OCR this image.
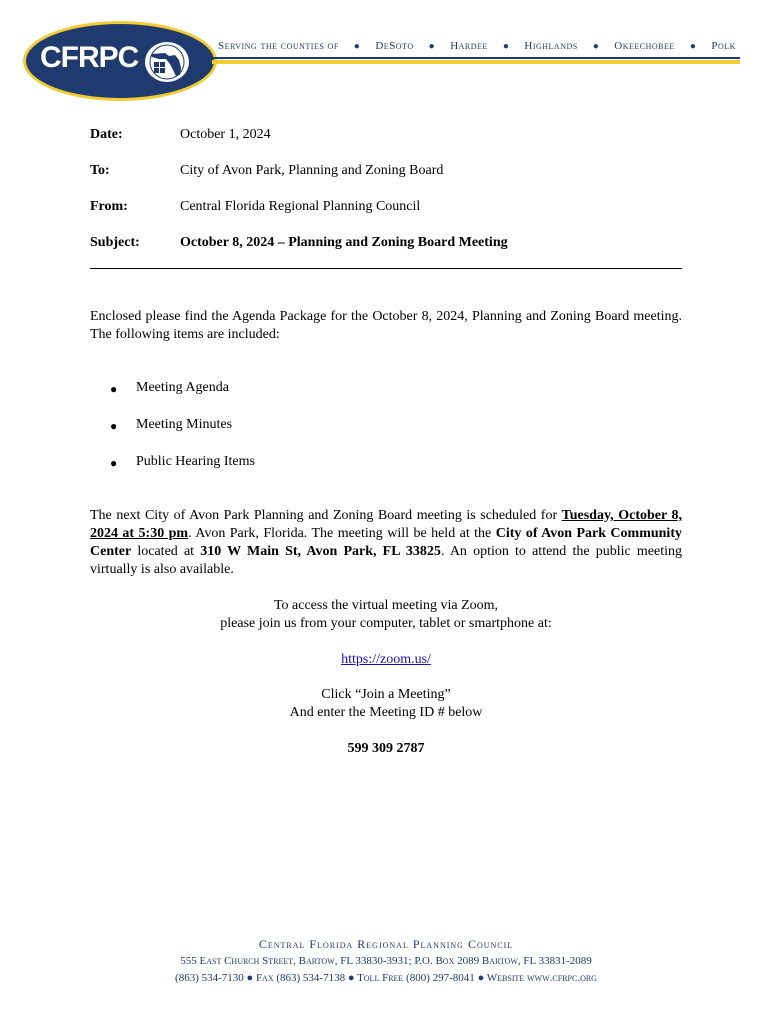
CFRPC	Serving the counties of ● DeSoto ● Hardee ● Highlands ● Okeechobee ● Polk
Date:	October 1, 2024
To:	City of Avon Park, Planning and Zoning Board
From:	Central Florida Regional Planning Council
Subject:	October 8, 2024 – Planning and Zoning Board Meeting

Enclosed please find the Agenda Package for the October 8, 2024, Planning and Zoning Board meeting. The following items are included:

●	Meeting Agenda
●	Meeting Minutes
●	Public Hearing Items

The next City of Avon Park Planning and Zoning Board meeting is scheduled for Tuesday, October 8, 2024 at 5:30 pm. Avon Park, Florida. The meeting will be held at the City of Avon Park Community Center located at 310 W Main St, Avon Park, FL 33825. An option to attend the public meeting virtually is also available.

To access the virtual meeting via Zoom,
please join us from your computer, tablet or smartphone at:
https://zoom.us/
Click “Join a Meeting”
And enter the Meeting ID # below
599 309 2787
Central Florida Regional Planning Council
555 East Church Street, Bartow, FL 33830-3931; P.O. Box 2089 Bartow, FL 33831-2089
(863) 534-7130 ● Fax (863) 534-7138 ● Toll Free (800) 297-8041 ● Website www.cfrpc.org
